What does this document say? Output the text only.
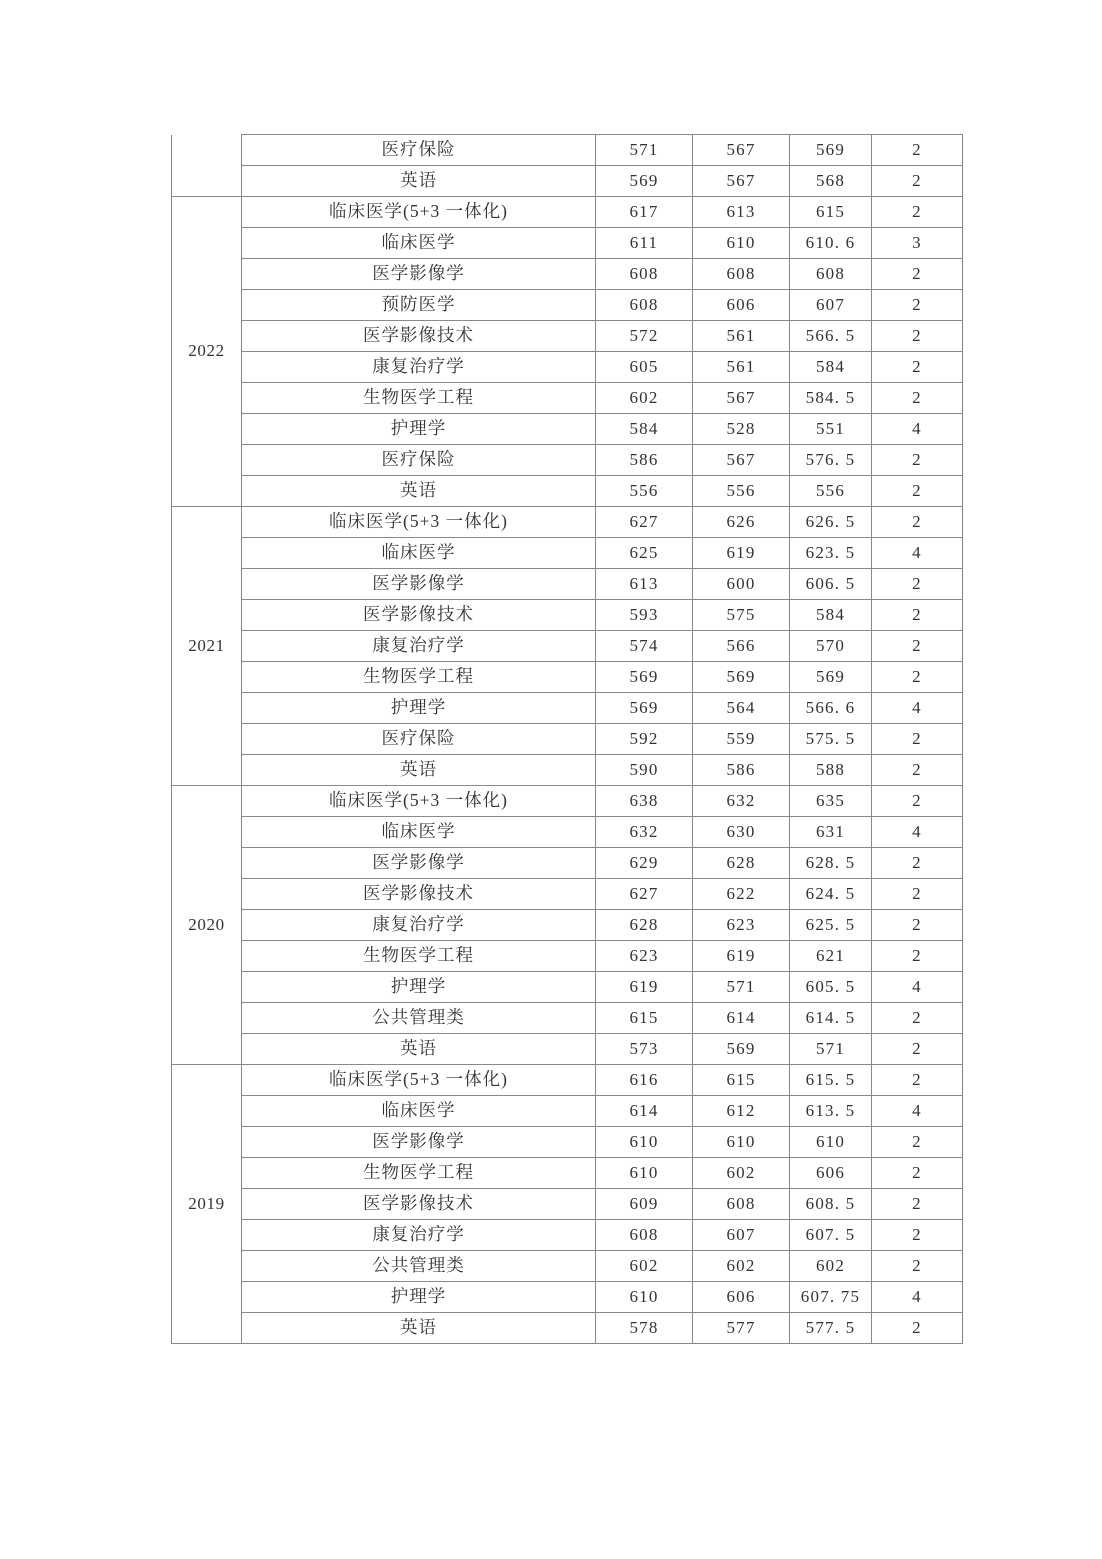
	医疗保险	571	567	569	2
	英语	569	567	568	2
2022	临床医学(5+3 一体化)	617	613	615	2
	临床医学	611	610	610. 6	3
	医学影像学	608	608	608	2
	预防医学	608	606	607	2
	医学影像技术	572	561	566. 5	2
	康复治疗学	605	561	584	2
	生物医学工程	602	567	584. 5	2
	护理学	584	528	551	4
	医疗保险	586	567	576. 5	2
	英语	556	556	556	2
2021	临床医学(5+3 一体化)	627	626	626. 5	2
	临床医学	625	619	623. 5	4
	医学影像学	613	600	606. 5	2
	医学影像技术	593	575	584	2
	康复治疗学	574	566	570	2
	生物医学工程	569	569	569	2
	护理学	569	564	566. 6	4
	医疗保险	592	559	575. 5	2
	英语	590	586	588	2
2020	临床医学(5+3 一体化)	638	632	635	2
	临床医学	632	630	631	4
	医学影像学	629	628	628. 5	2
	医学影像技术	627	622	624. 5	2
	康复治疗学	628	623	625. 5	2
	生物医学工程	623	619	621	2
	护理学	619	571	605. 5	4
	公共管理类	615	614	614. 5	2
	英语	573	569	571	2
2019	临床医学(5+3 一体化)	616	615	615. 5	2
	临床医学	614	612	613. 5	4
	医学影像学	610	610	610	2
	生物医学工程	610	602	606	2
	医学影像技术	609	608	608. 5	2
	康复治疗学	608	607	607. 5	2
	公共管理类	602	602	602	2
	护理学	610	606	607. 75	4
	英语	578	577	577. 5	2
